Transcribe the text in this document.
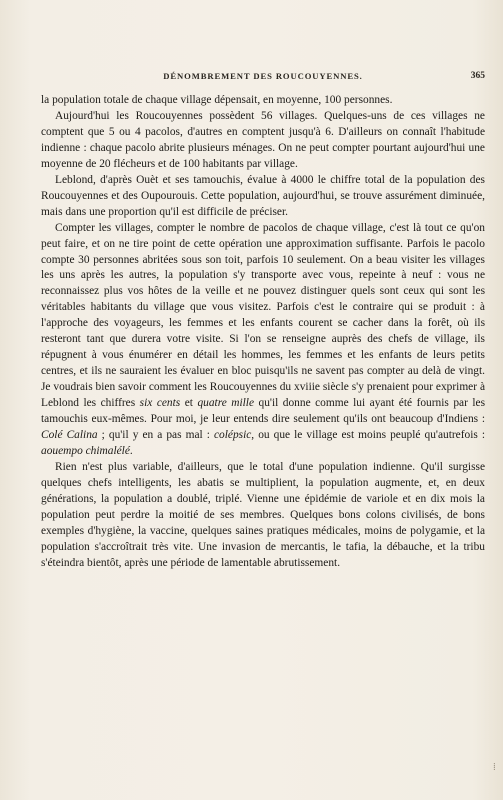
DÉNOMBREMENT DES ROUCOUYENNES.	365

la population totale de chaque village dépensait, en moyenne, 100 personnes.

Aujourd'hui les Roucouyennes possèdent 56 villages. Quelques-uns de ces villages ne comptent que 5 ou 4 pacolos, d'autres en comptent jusqu'à 6. D'ailleurs on connaît l'habitude indienne : chaque pacolo abrite plusieurs ménages. On ne peut compter pourtant aujourd'hui une moyenne de 20 flécheurs et de 100 habitants par village.

Leblond, d'après Ouèt et ses tamouchis, évalue à 4000 le chiffre total de la population des Roucouyennes et des Oupourouis. Cette population, aujourd'hui, se trouve assurément diminuée, mais dans une proportion qu'il est difficile de préciser.

Compter les villages, compter le nombre de pacolos de chaque village, c'est là tout ce qu'on peut faire, et on ne tire point de cette opération une approximation suffisante. Parfois le pacolo compte 30 personnes abritées sous son toit, parfois 10 seulement. On a beau visiter les villages les uns après les autres, la population s'y transporte avec vous, repeinte à neuf : vous ne reconnaissez plus vos hôtes de la veille et ne pouvez distinguer quels sont ceux qui sont les véritables habitants du village que vous visitez. Parfois c'est le contraire qui se produit : à l'approche des voyageurs, les femmes et les enfants courent se cacher dans la forêt, où ils resteront tant que durera votre visite. Si l'on se renseigne auprès des chefs de village, ils répugnent à vous énumérer en détail les hommes, les femmes et les enfants de leurs petits centres, et ils ne sauraient les évaluer en bloc puisqu'ils ne savent pas compter au delà de vingt. Je voudrais bien savoir comment les Roucouyennes du xviiie siècle s'y prenaient pour exprimer à Leblond les chiffres six cents et quatre mille qu'il donne comme lui ayant été fournis par les tamouchis eux-mêmes. Pour moi, je leur entends dire seulement qu'ils ont beaucoup d'Indiens : Colé Calina ; qu'il y en a pas mal : colépsic, ou que le village est moins peuplé qu'autrefois : aouempo chimalélé.

Rien n'est plus variable, d'ailleurs, que le total d'une population indienne. Qu'il surgisse quelques chefs intelligents, les abatis se multiplient, la population augmente, et, en deux générations, la population a doublé, triplé. Vienne une épidémie de variole et en dix mois la population peut perdre la moitié de ses membres. Quelques bons colons civilisés, de bons exemples d'hygiène, la vaccine, quelques saines pratiques médicales, moins de polygamie, et la population s'accroîtrait très vite. Une invasion de mercantis, le tafia, la débauche, et la tribu s'éteindra bientôt, après une période de lamentable abrutissement.

⁞
